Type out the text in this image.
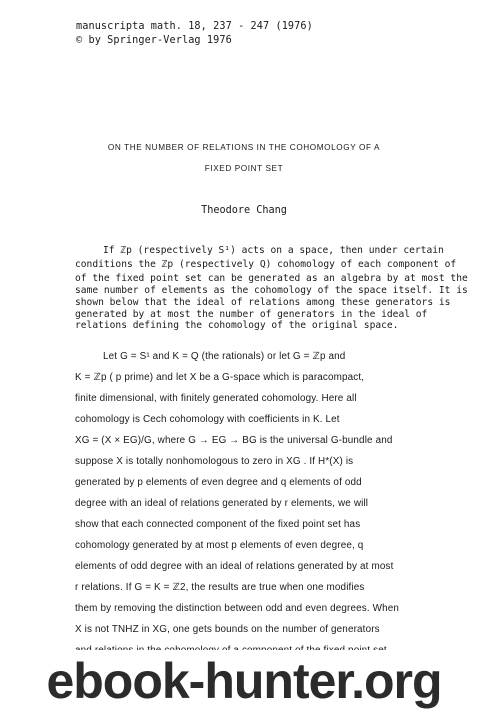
manuscripta math. 18, 237 - 247 (1976)
© by Springer-Verlag 1976
ON THE NUMBER OF RELATIONS IN THE COHOMOLOGY OF A
FIXED POINT SET
Theodore Chang
If ℤp (respectively S¹) acts on a space, then under certain
conditions the ℤp (respectively Q) cohomology of each component of
of the fixed point set can be generated as an algebra by at most the
same number of elements as the cohomology of the space itself. It is
shown below that the ideal of relations among these generators is
generated by at most the number of generators in the ideal of
relations defining the cohomology of the original space.
Let G = S¹ and K = Q (the rationals) or let G = ℤp and
K = ℤp ( p prime) and let X be a G-space which is paracompact,
finite dimensional, with finitely generated cohomology. Here all
cohomology is Cech cohomology with coefficients in K. Let
XG = (X × EG)/G, where G → EG → BG is the universal G-bundle and
suppose X is totally nonhomologous to zero in XG . If H*(X) is
generated by p elements of even degree and q elements of odd
degree with an ideal of relations generated by r elements, we will
show that each connected component of the fixed point set has
cohomology generated by at most p elements of even degree, q
elements of odd degree with an ideal of relations generated by at most
r relations. If G = K = ℤ2, the results are true when one modifies
them by removing the distinction between odd and even degrees. When
X is not TNHZ in XG, one gets bounds on the number of generators
ebook-hunter.org
